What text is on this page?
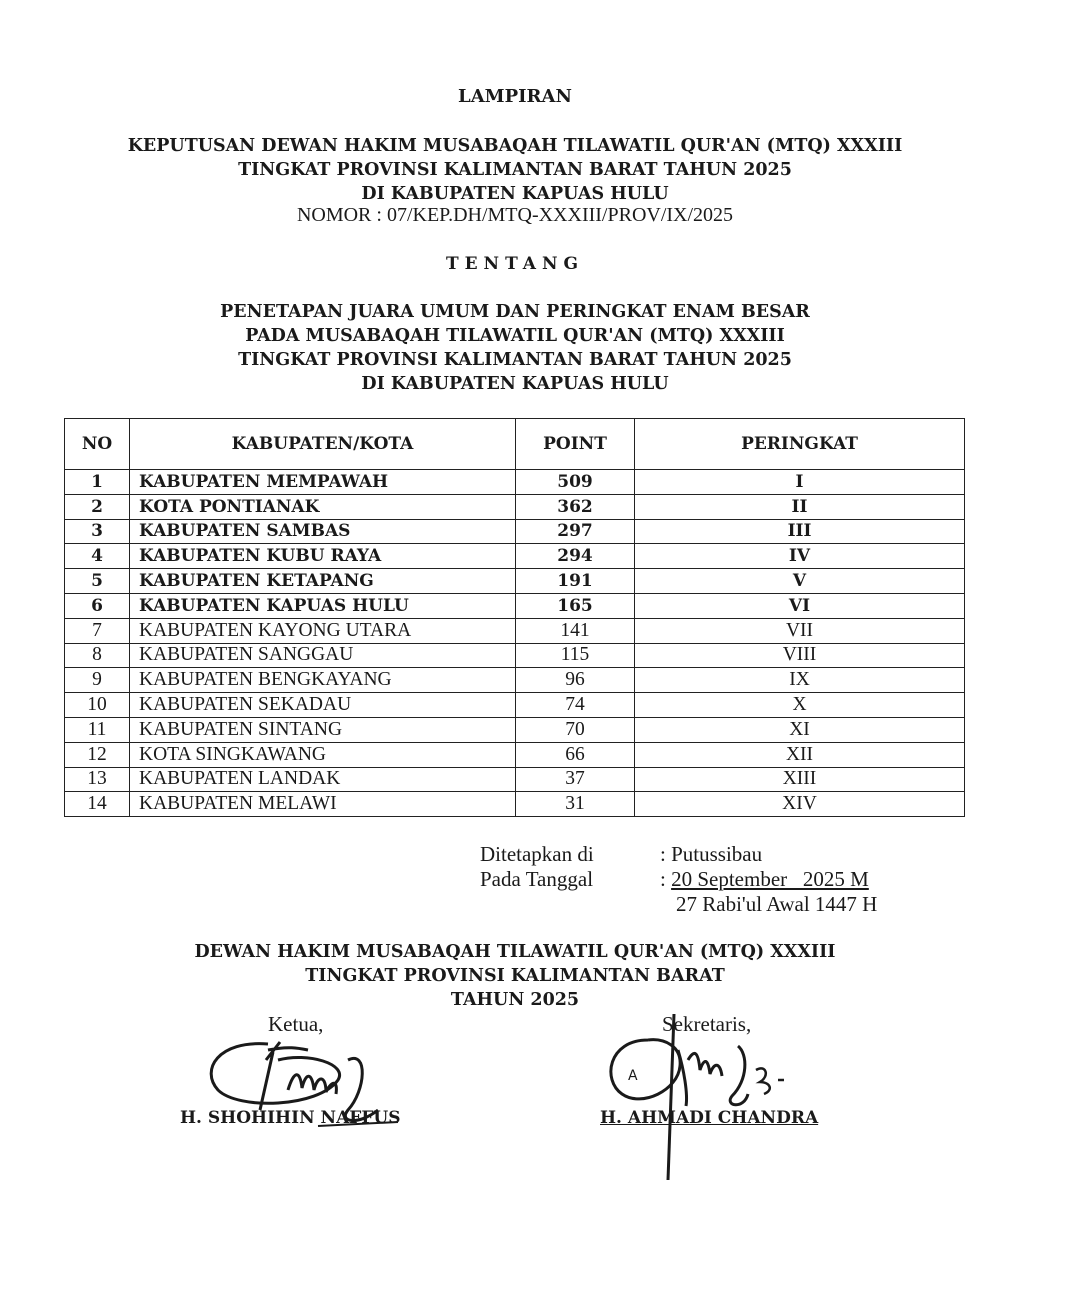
LAMPIRAN
KEPUTUSAN DEWAN HAKIM MUSABAQAH TILAWATIL QUR'AN (MTQ) XXXIII
TINGKAT PROVINSI KALIMANTAN BARAT TAHUN 2025
DI KABUPATEN KAPUAS HULU
NOMOR : 07/KEP.DH/MTQ-XXXIII/PROV/IX/2025
TENTANG
PENETAPAN JUARA UMUM DAN PERINGKAT ENAM BESAR
PADA MUSABAQAH TILAWATIL QUR'AN (MTQ) XXXIII
TINGKAT PROVINSI KALIMANTAN BARAT TAHUN 2025
DI KABUPATEN KAPUAS HULU
NO	KABUPATEN/KOTA	POINT	PERINGKAT
1	KABUPATEN MEMPAWAH	509	I
2	KOTA PONTIANAK	362	II
3	KABUPATEN SAMBAS	297	III
4	KABUPATEN KUBU RAYA	294	IV
5	KABUPATEN KETAPANG	191	V
6	KABUPATEN KAPUAS HULU	165	VI
7	KABUPATEN KAYONG UTARA	141	VII
8	KABUPATEN SANGGAU	115	VIII
9	KABUPATEN BENGKAYANG	96	IX
10	KABUPATEN SEKADAU	74	X
11	KABUPATEN SINTANG	70	XI
12	KOTA SINGKAWANG	66	XII
13	KABUPATEN LANDAK	37	XIII
14	KABUPATEN MELAWI	31	XIV
Ditetapkan di	: Putussibau
Pada Tanggal	: 20 September   2025 M
27 Rabi'ul Awal 1447 H
DEWAN HAKIM MUSABAQAH TILAWATIL QUR'AN (MTQ) XXXIII
TINGKAT PROVINSI KALIMANTAN BARAT
TAHUN 2025
Ketua,
H. SHOHIHIN NAFFUS
Sekretaris,
A
H. AHMADI CHANDRA
